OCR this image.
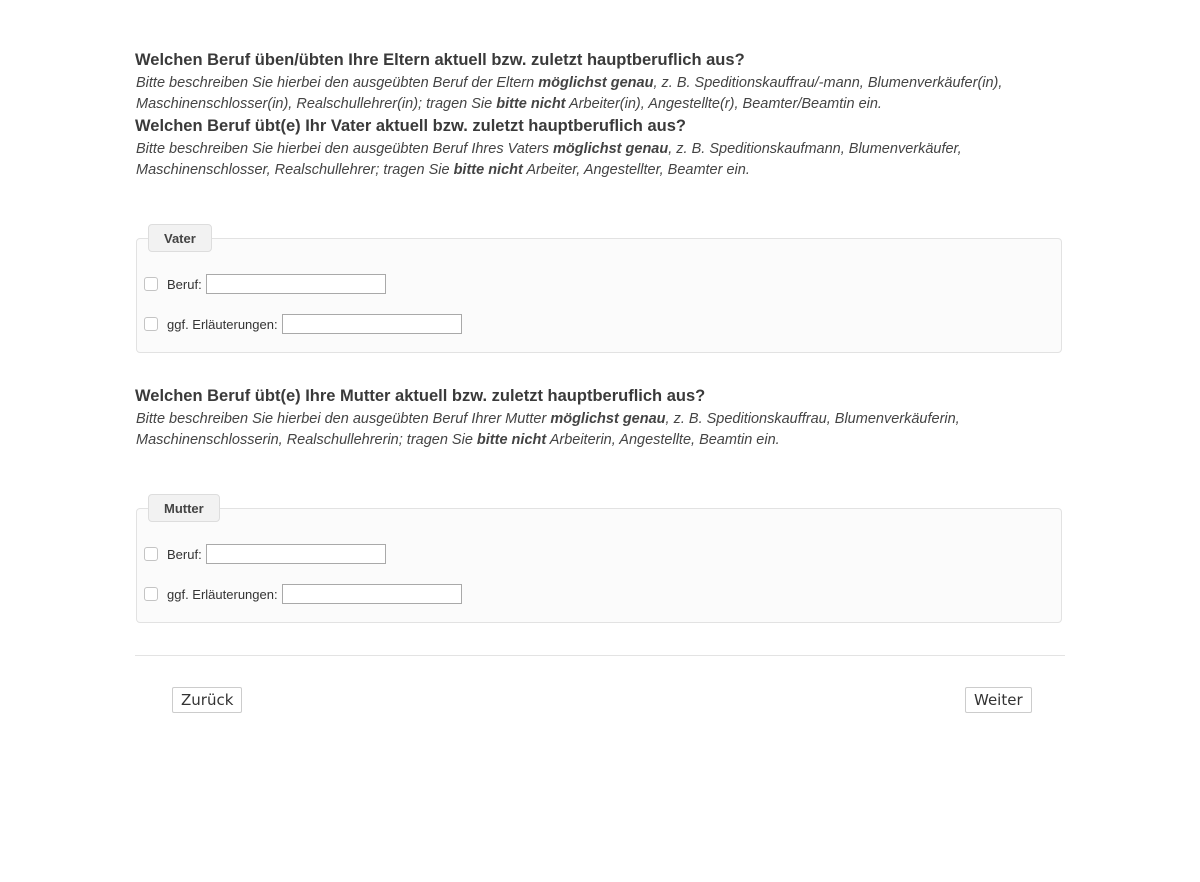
Welchen Beruf üben/übten Ihre Eltern aktuell bzw. zuletzt hauptberuflich aus?

Bitte beschreiben Sie hierbei den ausgeübten Beruf der Eltern möglichst genau, z. B. Speditionskauffrau/-mann, Blumenverkäufer(in), Maschinenschlosser(in), Realschullehrer(in); tragen Sie bitte nicht Arbeiter(in), Angestellte(r), Beamter/Beamtin ein.

Welchen Beruf übt(e) Ihr Vater aktuell bzw. zuletzt hauptberuflich aus?

Bitte beschreiben Sie hierbei den ausgeübten Beruf Ihres Vaters möglichst genau, z. B. Speditionskaufmann, Blumenverkäufer, Maschinenschlosser, Realschullehrer; tragen Sie bitte nicht Arbeiter, Angestellter, Beamter ein.

Vater
Beruf:
ggf. Erläuterungen:
Welchen Beruf übt(e) Ihre Mutter aktuell bzw. zuletzt hauptberuflich aus?

Bitte beschreiben Sie hierbei den ausgeübten Beruf Ihrer Mutter möglichst genau, z. B. Speditionskauffrau, Blumenverkäuferin, Maschinenschlosserin, Realschullehrerin; tragen Sie bitte nicht Arbeiterin, Angestellte, Beamtin ein.

Mutter
Beruf:
ggf. Erläuterungen:
Zurück	Weiter
